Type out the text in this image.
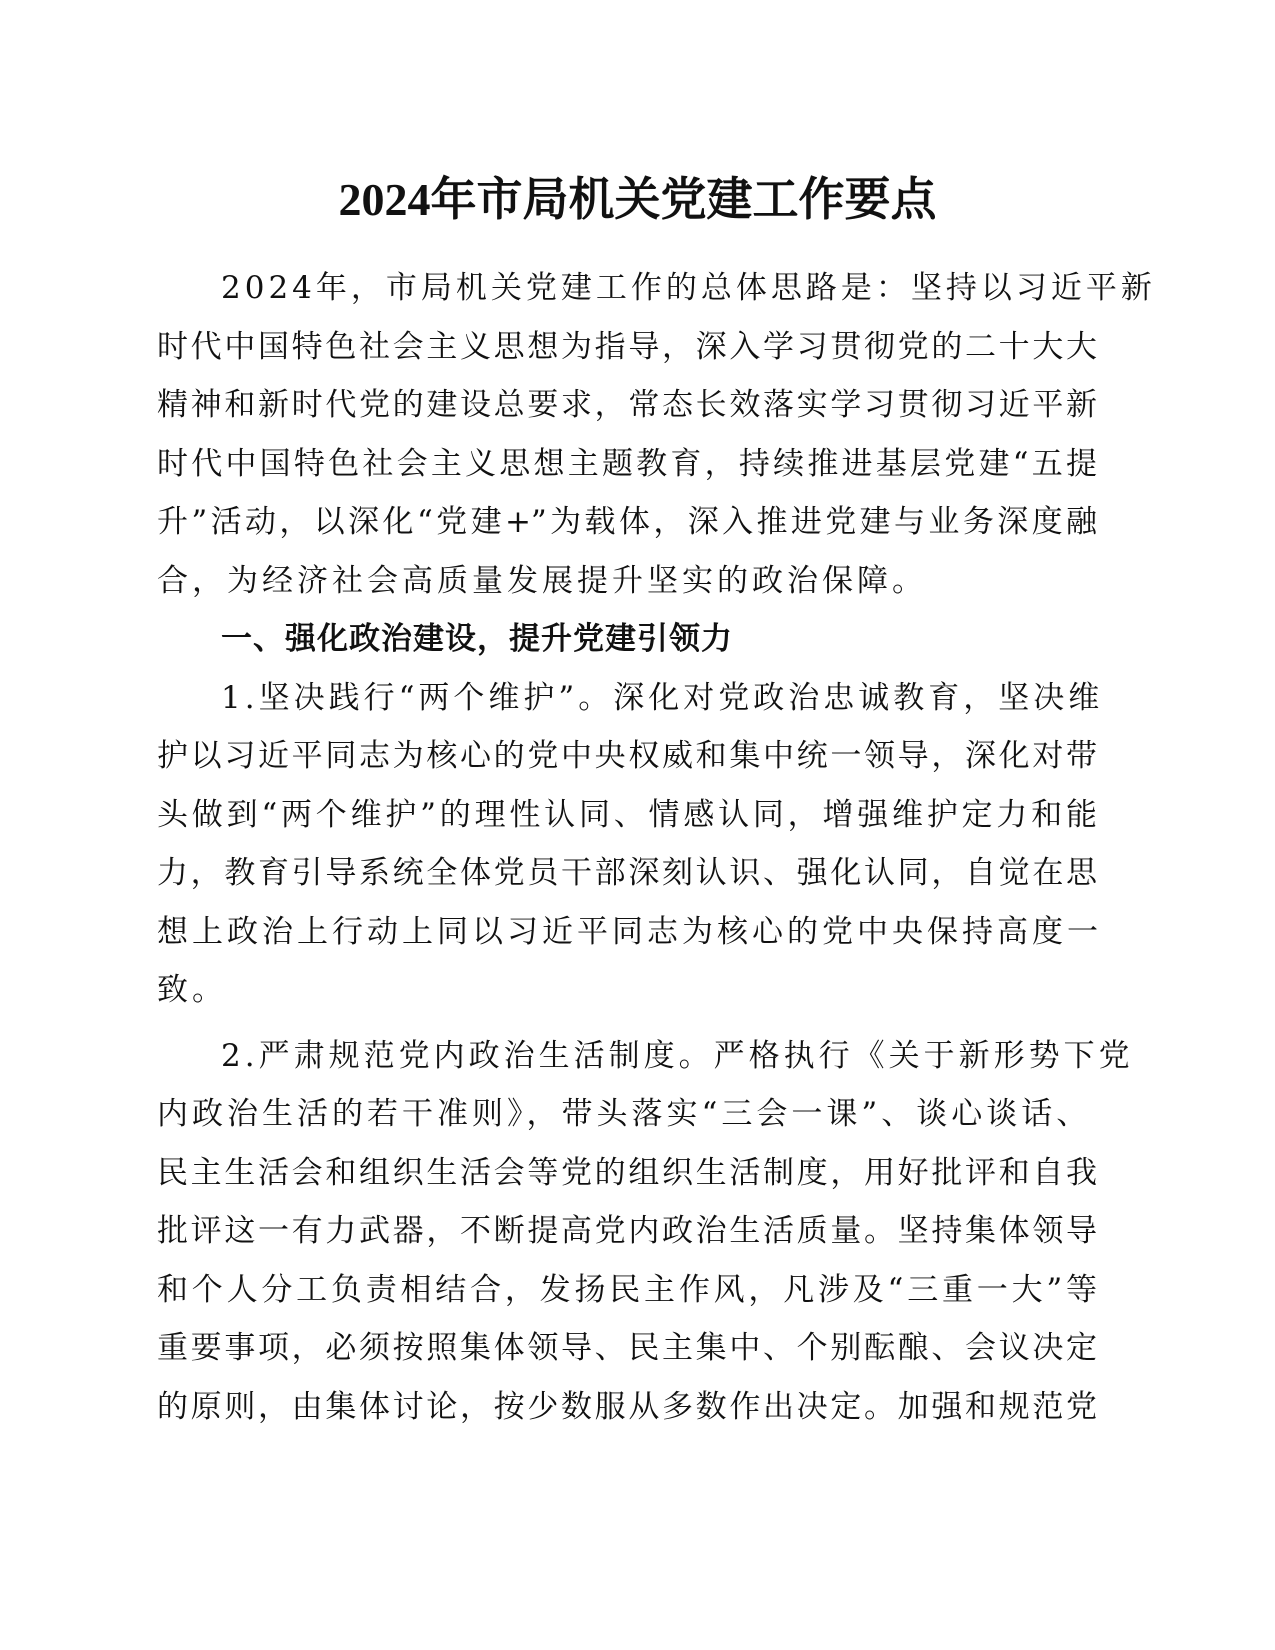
2024年市局机关党建工作要点
2024年，市局机关党建工作的总体思路是：坚持以习近平新
时代中国特色社会主义思想为指导，深入学习贯彻党的二十大大
精神和新时代党的建设总要求，常态长效落实学习贯彻习近平新
时代中国特色社会主义思想主题教育，持续推进基层党建“五提
升”活动，以深化“党建+”为载体，深入推进党建与业务深度融
合，为经济社会高质量发展提升坚实的政治保障。
一、强化政治建设，提升党建引领力
1.坚决践行“两个维护”。深化对党政治忠诚教育，坚决维
护以习近平同志为核心的党中央权威和集中统一领导，深化对带
头做到“两个维护”的理性认同、情感认同，增强维护定力和能
力，教育引导系统全体党员干部深刻认识、强化认同，自觉在思
想上政治上行动上同以习近平同志为核心的党中央保持高度一
致。
2.严肃规范党内政治生活制度。严格执行《关于新形势下党
内政治生活的若干准则》，带头落实“三会一课”、谈心谈话、
民主生活会和组织生活会等党的组织生活制度，用好批评和自我
批评这一有力武器，不断提高党内政治生活质量。坚持集体领导
和个人分工负责相结合，发扬民主作风，凡涉及“三重一大”等
重要事项，必须按照集体领导、民主集中、个别酝酿、会议决定
的原则，由集体讨论，按少数服从多数作出决定。加强和规范党
